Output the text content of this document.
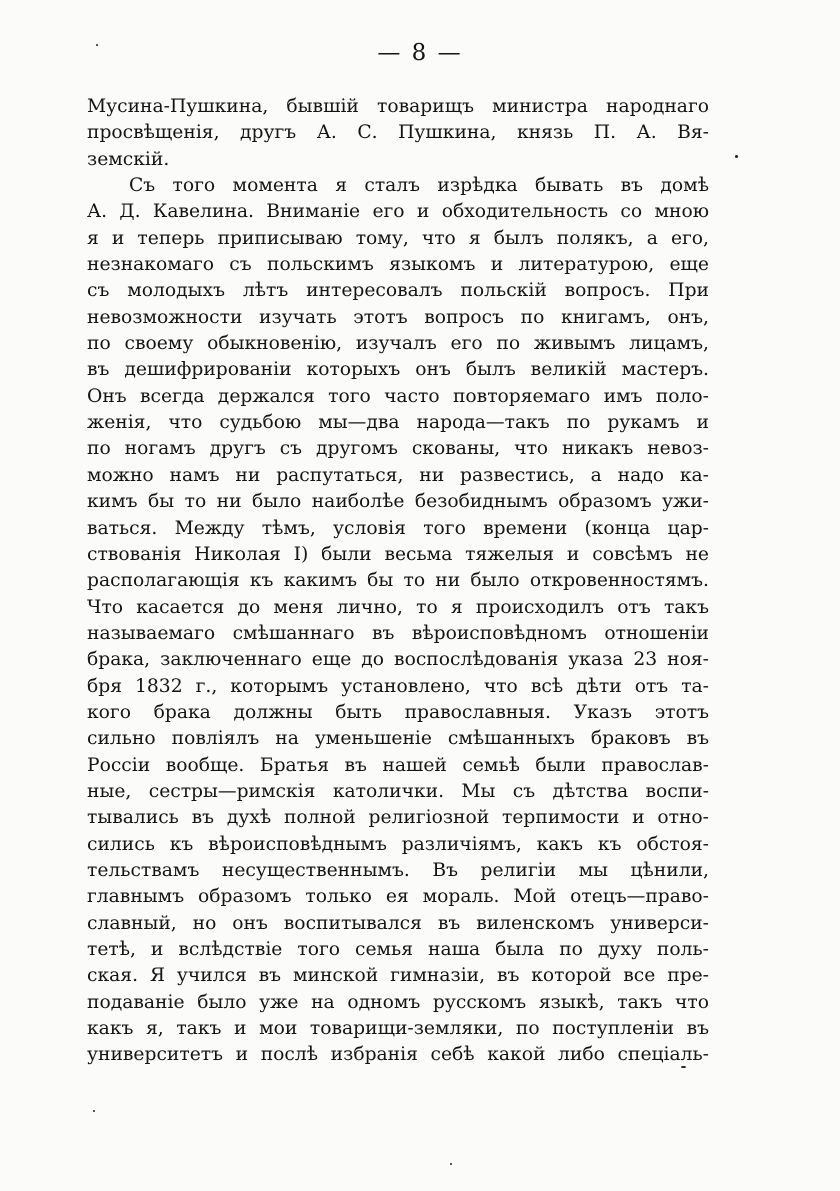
— 8 —
Мусина-Пушкина, бывшій товарищъ министра народнаго
просвѣщенія, другъ А. С. Пушкина, князь П. А. Вя-
земскій.
Съ того момента я сталъ изрѣдка бывать въ домѣ
А. Д. Кавелина. Вниманіе его и обходительность со мною
я и теперь приписываю тому, что я былъ полякъ, а его,
незнакомаго съ польскимъ языкомъ и литературою, еще
съ молодыхъ лѣтъ интересовалъ польскій вопросъ. При
невозможности изучать этотъ вопросъ по книгамъ, онъ,
по своему обыкновенію, изучалъ его по живымъ лицамъ,
въ дешифрированіи которыхъ онъ былъ великій мастеръ.
Онъ всегда держался того часто повторяемаго имъ поло-
женія, что судьбою мы—два народа—такъ по рукамъ и
по ногамъ другъ съ другомъ скованы, что никакъ невоз-
можно намъ ни распутаться, ни развестись, а надо ка-
кимъ бы то ни было наиболѣе безобиднымъ образомъ ужи-
ваться. Между тѣмъ, условія того времени (конца цар-
ствованія Николая I) были весьма тяжелыя и совсѣмъ не
располагающія къ какимъ бы то ни было откровенностямъ.
Что касается до меня лично, то я происходилъ отъ такъ
называемаго смѣшаннаго въ вѣроисповѣдномъ отношеніи
брака, заключеннаго еще до воспослѣдованія указа 23 ноя-
бря 1832 г., которымъ установлено, что всѣ дѣти отъ та-
кого брака должны быть православныя. Указъ этотъ
сильно повліялъ на уменьшеніе смѣшанныхъ браковъ въ
Россіи вообще. Братья въ нашей семьѣ были православ-
ные, сестры—римскія католички. Мы съ дѣтства воспи-
тывались въ духѣ полной религіозной терпимости и отно-
сились къ вѣроисповѣднымъ различіямъ, какъ къ обстоя-
тельствамъ несущественнымъ. Въ религіи мы цѣнили,
главнымъ образомъ только ея мораль. Мой отецъ—право-
славный, но онъ воспитывался въ виленскомъ универси-
тетѣ, и вслѣдствіе того семья наша была по духу поль-
ская. Я учился въ минской гимназіи, въ которой все пре-
подаваніе было уже на одномъ русскомъ языкѣ, такъ что
какъ я, такъ и мои товарищи-земляки, по поступленіи въ
университетъ и послѣ избранія себѣ какой либо спеціаль-
